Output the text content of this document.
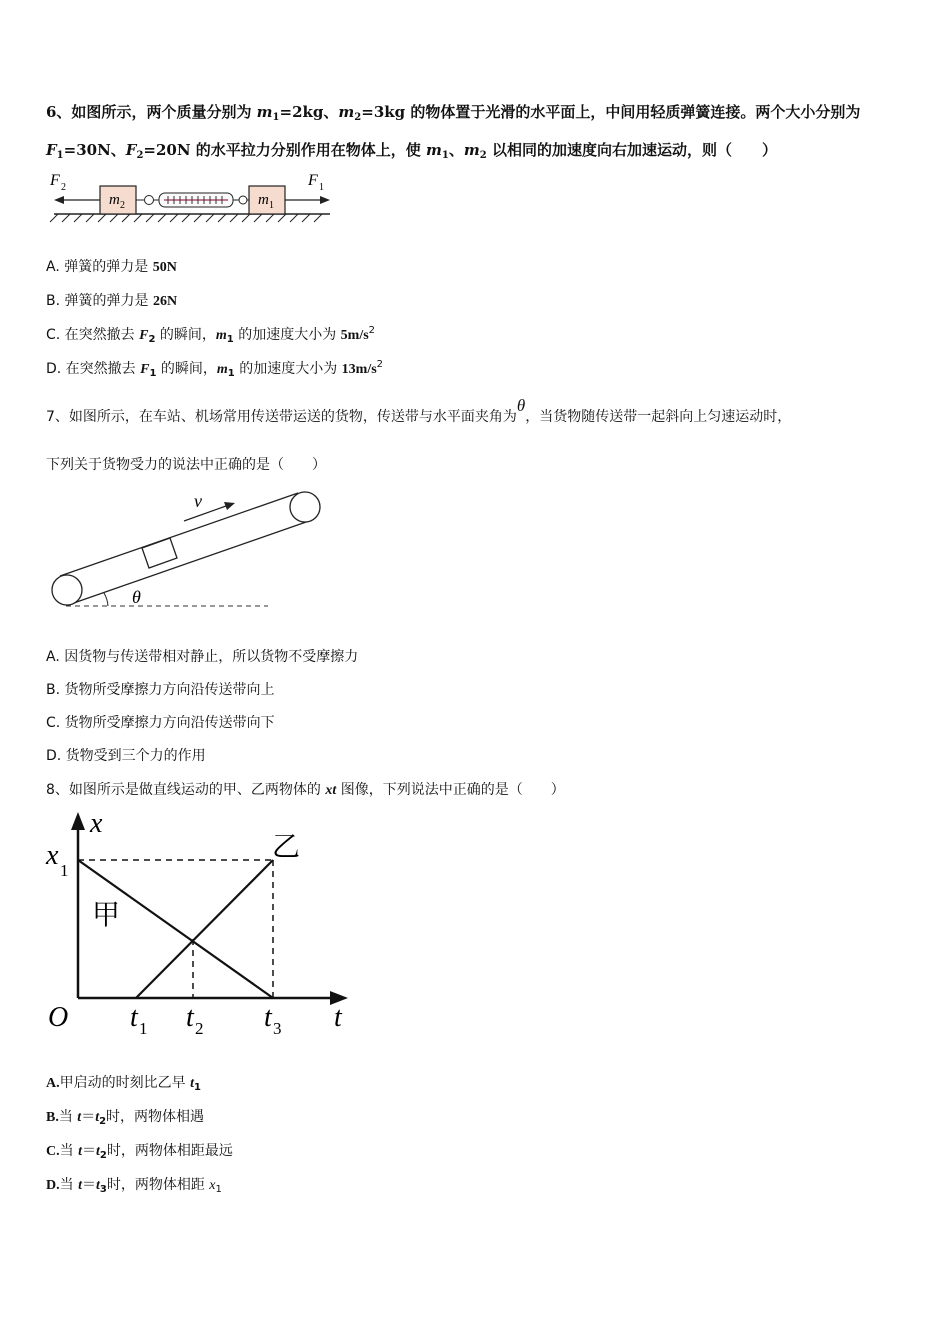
6、如图所示，两个质量分别为 $m_1=2kg$、$m_2=3kg$ 的物体置于光滑的水平面上，中间用轻质弹簧连接。两个大小分别为
$F_1=30N$、$F_2=20N$ 的水平拉力分别作用在物体上，使 $m_1$、$m_2$ 以相同的加速度向右加速运动，则（　　）
m 2	m 1
F 2	F 1
A. 弹簧的弹力是 50N
B. 弹簧的弹力是 26N
C. 在突然撤去 $F_2$ 的瞬间，$m_1$ 的加速度大小为 $5m/s^2$
D. 在突然撤去 $F_1$ 的瞬间，$m_1$ 的加速度大小为 $13m/s^2$
7、如图所示，在车站、机场常用传送带运送的货物，传送带与水平面夹角为θ，当货物随传送带一起斜向上匀速运动时，
下列关于货物受力的说法中正确的是（　　）
v
θ
A. 因货物与传送带相对静止，所以货物不受摩擦力
B. 货物所受摩擦力方向沿传送带向上
C. 货物所受摩擦力方向沿传送带向下
D. 货物受到三个力的作用
8、如图所示是做直线运动的甲、乙两物体的 xt 图像，下列说法中正确的是（　　）
x
t
O
x 1
t 1 t 2 t 3
甲
乙
A.甲启动的时刻比乙早 $t_1$
B.当 $t=t_2$时，两物体相遇
C.当 $t=t_2$时，两物体相距最远
D.当 $t=t_3$时，两物体相距 $x_1$
